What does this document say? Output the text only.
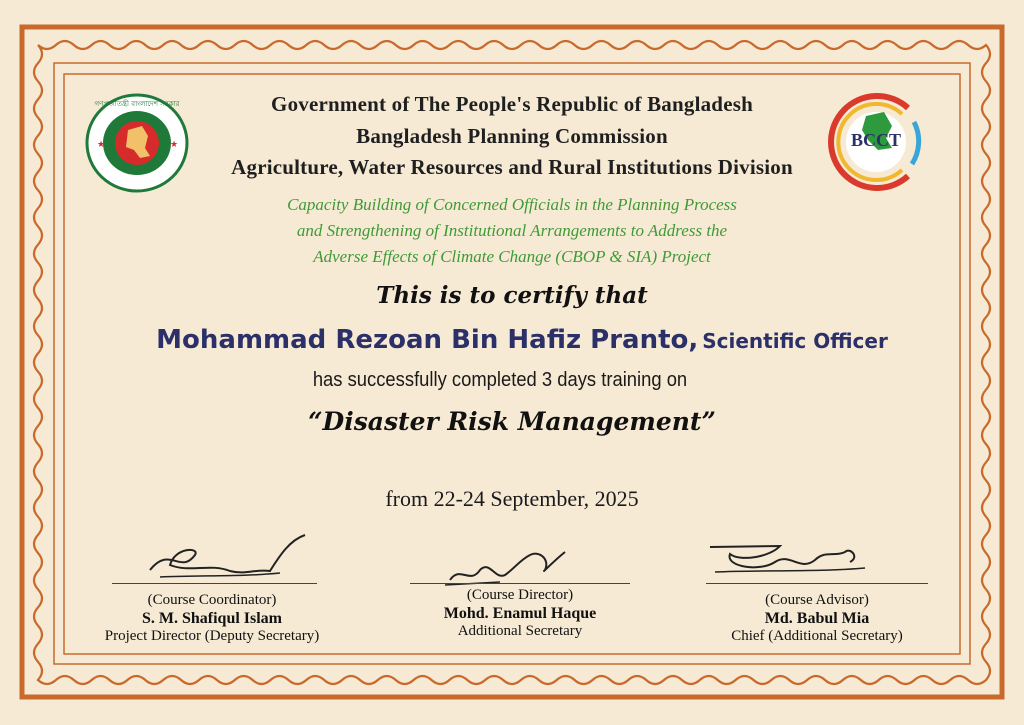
গণপ্রজাতন্ত্রী বাংলাদেশ সরকার
★	★	BCCT

Government of The People's Republic of Bangladesh

Bangladesh Planning Commission

Agriculture, Water Resources and Rural Institutions Division

Capacity Building of Concerned Officials in the Planning Process

and Strengthening of Institutional Arrangements to Address the

Adverse Effects of Climate Change (CBOP & SIA) Project

This is to certify that

Mohammad Rezoan Bin Hafiz Pranto, Scientific Officer

has successfully completed 3 days training on

“Disaster Risk Management”

from 22-24 September, 2025

(Course Coordinator)
S. M. Shafiqul Islam
Project Director (Deputy Secretary)
(Course Director)
Mohd. Enamul Haque
Additional Secretary
(Course Advisor)
Md. Babul Mia
Chief (Additional Secretary)
